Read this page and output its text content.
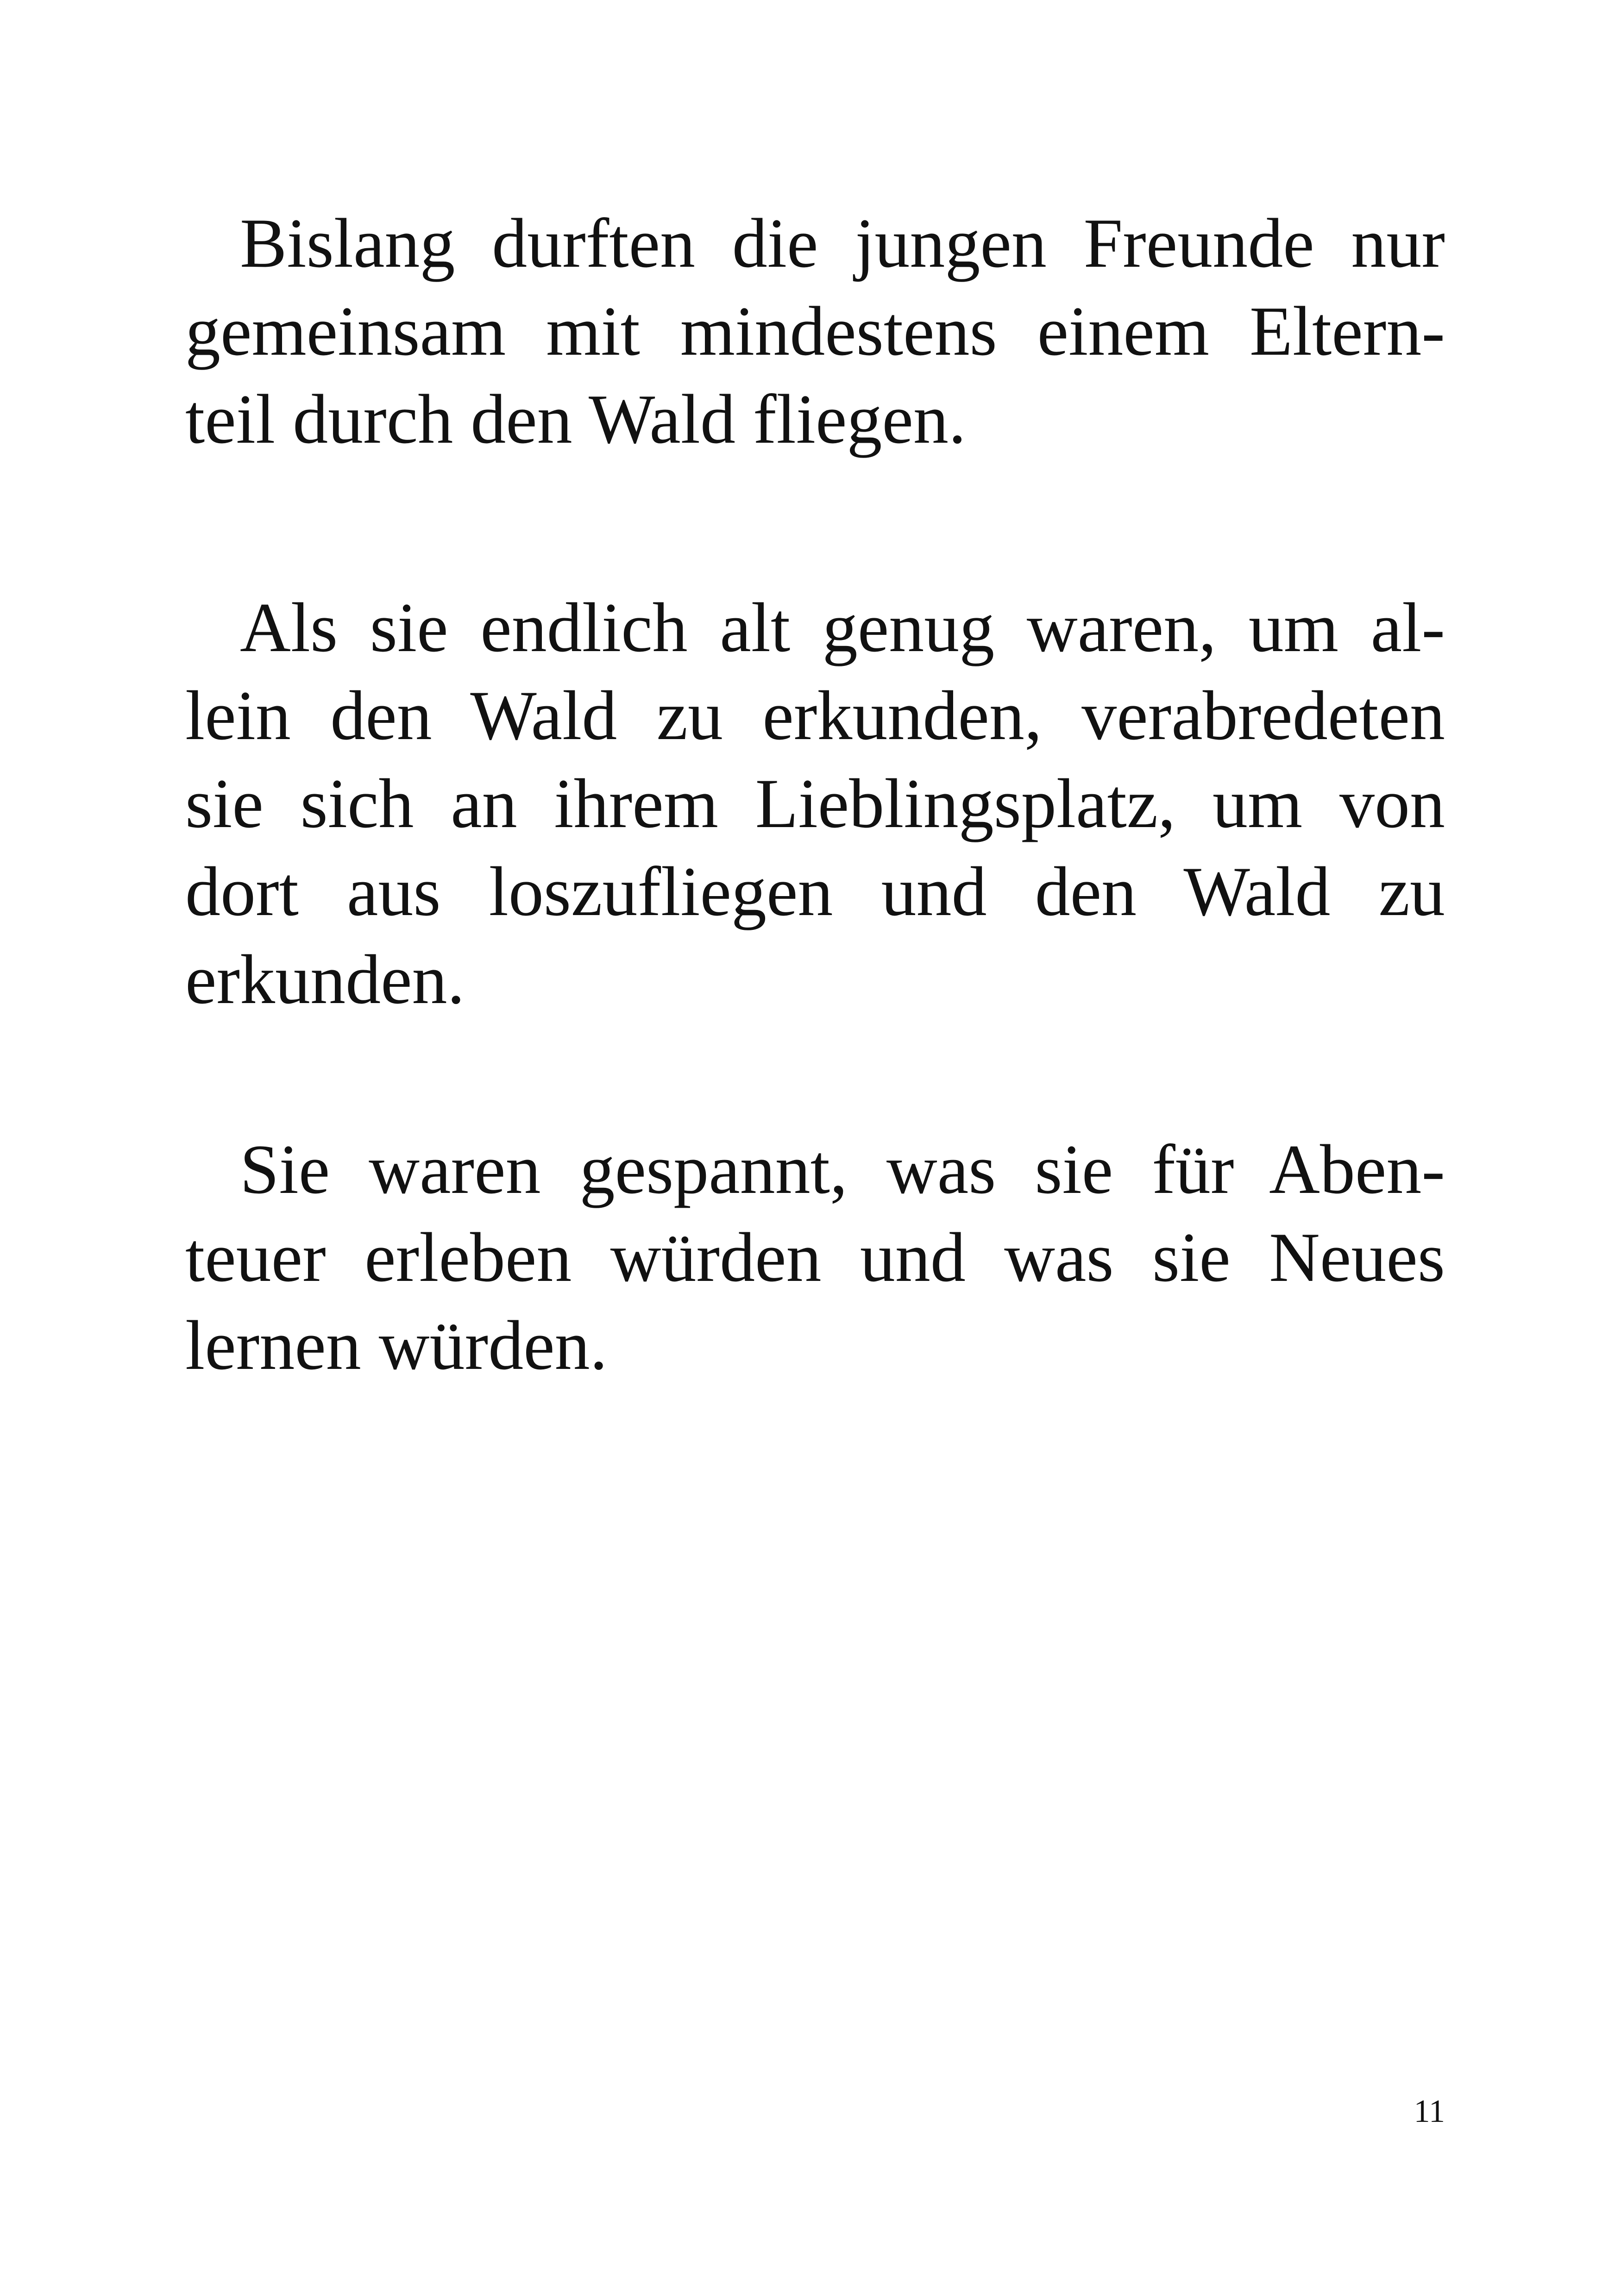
Bislang durften die jungen Freunde nur
gemeinsam mit mindestens einem Eltern-
teil durch den Wald fliegen.
Als sie endlich alt genug waren, um al-
lein den Wald zu erkunden, verabredeten
sie sich an ihrem Lieblingsplatz, um von
dort aus loszufliegen und den Wald zu
erkunden.
Sie waren gespannt, was sie für Aben-
teuer erleben würden und was sie Neues
lernen würden.
11
